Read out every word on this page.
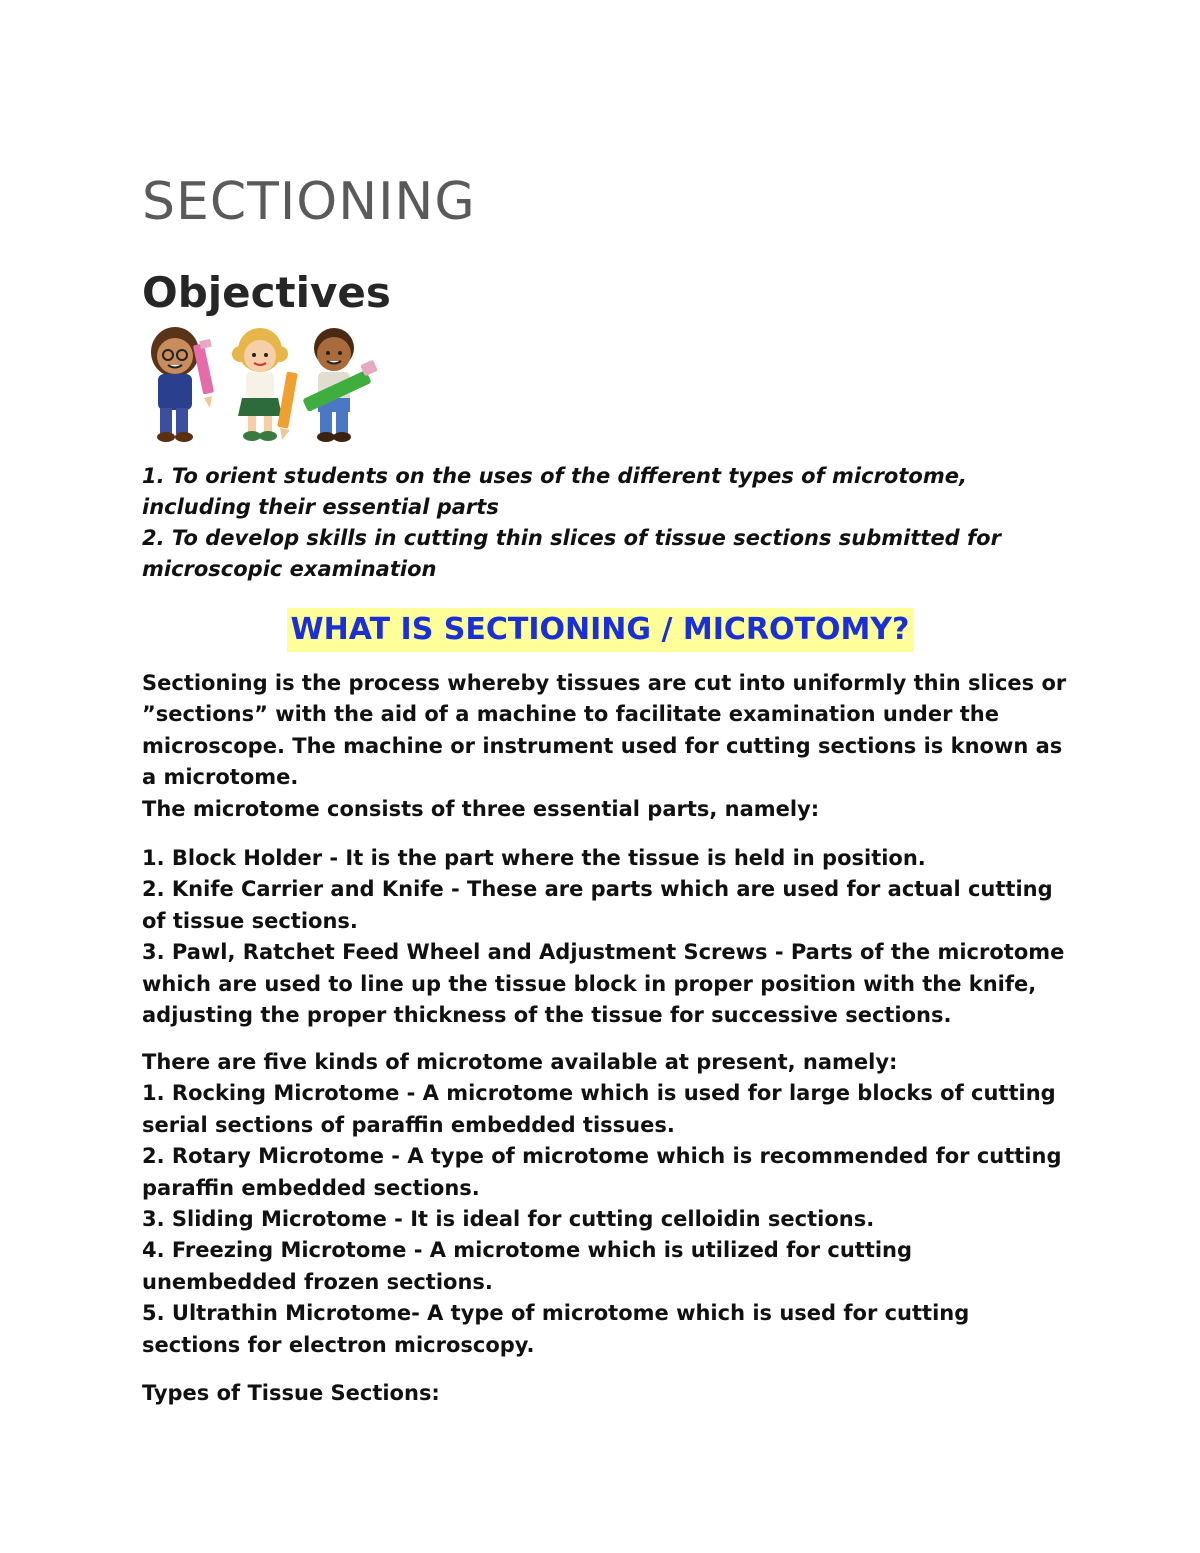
SECTIONING
Objectives

1. To orient students on the uses of the different types of microtome, including their essential parts

2. To develop skills in cutting thin slices of tissue sections submitted for microscopic examination

WHAT IS SECTIONING / MICROTOMY?

Sectioning is the process whereby tissues are cut into uniformly thin slices or ”sections” with the aid of a machine to facilitate examination under the microscope. The machine or instrument used for cutting sections is known as a microtome.

The microtome consists of three essential parts, namely:

1. Block Holder - It is the part where the tissue is held in position.

2. Knife Carrier and Knife - These are parts which are used for actual cutting of tissue sections.

3. Pawl, Ratchet Feed Wheel and Adjustment Screws - Parts of the microtome which are used to line up the tissue block in proper position with the knife, adjusting the proper thickness of the tissue for successive sections.

There are five kinds of microtome available at present, namely:

1. Rocking Microtome - A microtome which is used for large blocks of cutting serial sections of paraffin embedded tissues.

2. Rotary Microtome - A type of microtome which is recommended for cutting paraffin embedded sections.

3. Sliding Microtome - It is ideal for cutting celloidin sections.

4. Freezing Microtome - A microtome which is utilized for cutting unembedded frozen sections.

5. Ultrathin Microtome- A type of microtome which is used for cutting sections for electron microscopy.

Types of Tissue Sections:
